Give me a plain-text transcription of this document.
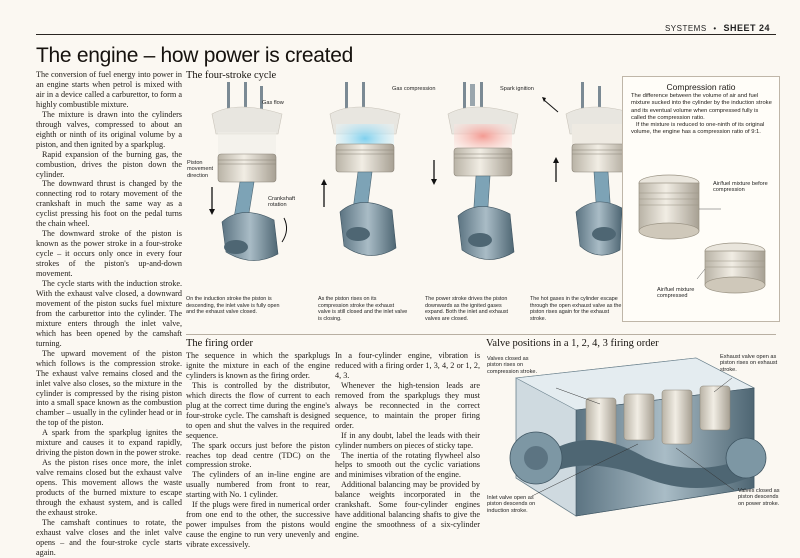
SYSTEMS • SHEET 24
The engine – how power is created

The conversion of fuel energy into power in an engine starts when petrol is mixed with air in a device called a carburettor, to form a highly combustible mixture.

The mixture is drawn into the cylinders through valves, compressed to about an eighth or ninth of its original volume by a piston, and then ignited by a sparkplug.

Rapid expansion of the burning gas, the combustion, drives the piston down the cylinder.

The downward thrust is changed by the connecting rod to rotary movement of the crankshaft in much the same way as a cyclist pressing his foot on the pedal turns the chain wheel.

The downward stroke of the piston is known as the power stroke in a four-stroke cycle – it occurs only once in every four strokes of the piston's up-and-down movement.

The cycle starts with the induction stroke. With the exhaust valve closed, a downward movement of the piston sucks fuel mixture from the carburettor into the cylinder. The mixture enters through the inlet valve, which has been opened by the camshaft turning.

The upward movement of the piston which follows is the compression stroke. The exhaust valve remains closed and the inlet valve also closes, so the mixture in the cylinder is compressed by the rising piston into a small space known as the combustion chamber – usually in the cylinder head or in the top of the piston.

A spark from the sparkplug ignites the mixture and causes it to expand rapidly, driving the piston down in the power stroke.

As the piston rises once more, the inlet valve remains closed but the exhaust valve opens. This movement allows the waste products of the burned mixture to escape through the exhaust system, and is called the exhaust stroke.

The camshaft continues to rotate, the exhaust valve closes and the inlet valve opens – and the four-stroke cycle starts again.

The four-stroke cycle
Gas flow
Piston movement direction
Crankshaft rotation
Gas compression	Spark ignition
On the induction stroke the piston is descending, the inlet valve is fully open and the exhaust valve closed.
As the piston rises on its compression stroke the exhaust valve is still closed and the inlet valve is closing.
The power stroke drives the piston downwards as the ignited gases expand. Both the inlet and exhaust valves are closed.
The hot gases in the cylinder escape through the open exhaust valve as the piston rises again for the exhaust stroke.
Compression ratio

The difference between the volume of air and fuel mixture sucked into the cylinder by the induction stroke and its eventual volume when compressed fully is called the compression ratio.

If the mixture is reduced to one-ninth of its original volume, the engine has a compression ratio of 9:1.

Air/fuel mixture before compression
Air/fuel mixture compressed
The firing order

The sequence in which the sparkplugs ignite the mixture in each of the engine cylinders is known as the firing order.

This is controlled by the distributor, which directs the flow of current to each plug at the correct time during the engine's four-stroke cycle. The camshaft is designed to open and shut the valves in the required sequence.

The spark occurs just before the piston reaches top dead centre (TDC) on the compression stroke.

The cylinders of an in-line engine are usually numbered from front to rear, starting with No. 1 cylinder.

If the plugs were fired in numerical order from one end to the other, the successive power impulses from the pistons would cause the engine to run very unevenly and vibrate excessively.

In a four-cylinder engine, vibration is reduced with a firing order 1, 3, 4, 2 or 1, 2, 4, 3.

Whenever the high-tension leads are removed from the sparkplugs they must always be reconnected in the correct sequence, to maintain the proper firing order.

If in any doubt, label the leads with their cylinder numbers on pieces of sticky tape.

The inertia of the rotating flywheel also helps to smooth out the cyclic variations and minimises vibration of the engine.

Additional balancing may be provided by balance weights incorporated in the crankshaft. Some four-cylinder engines have additional balancing shafts to give the engine the smoothness of a six-cylinder engine.

Valve positions in a 1, 2, 4, 3 firing order
Valves closed as piston rises on compression stroke.
Exhaust valve open as piston rises on exhaust stroke.
Inlet valve open as piston descends on induction stroke.
Valves closed as piston descends on power stroke.
